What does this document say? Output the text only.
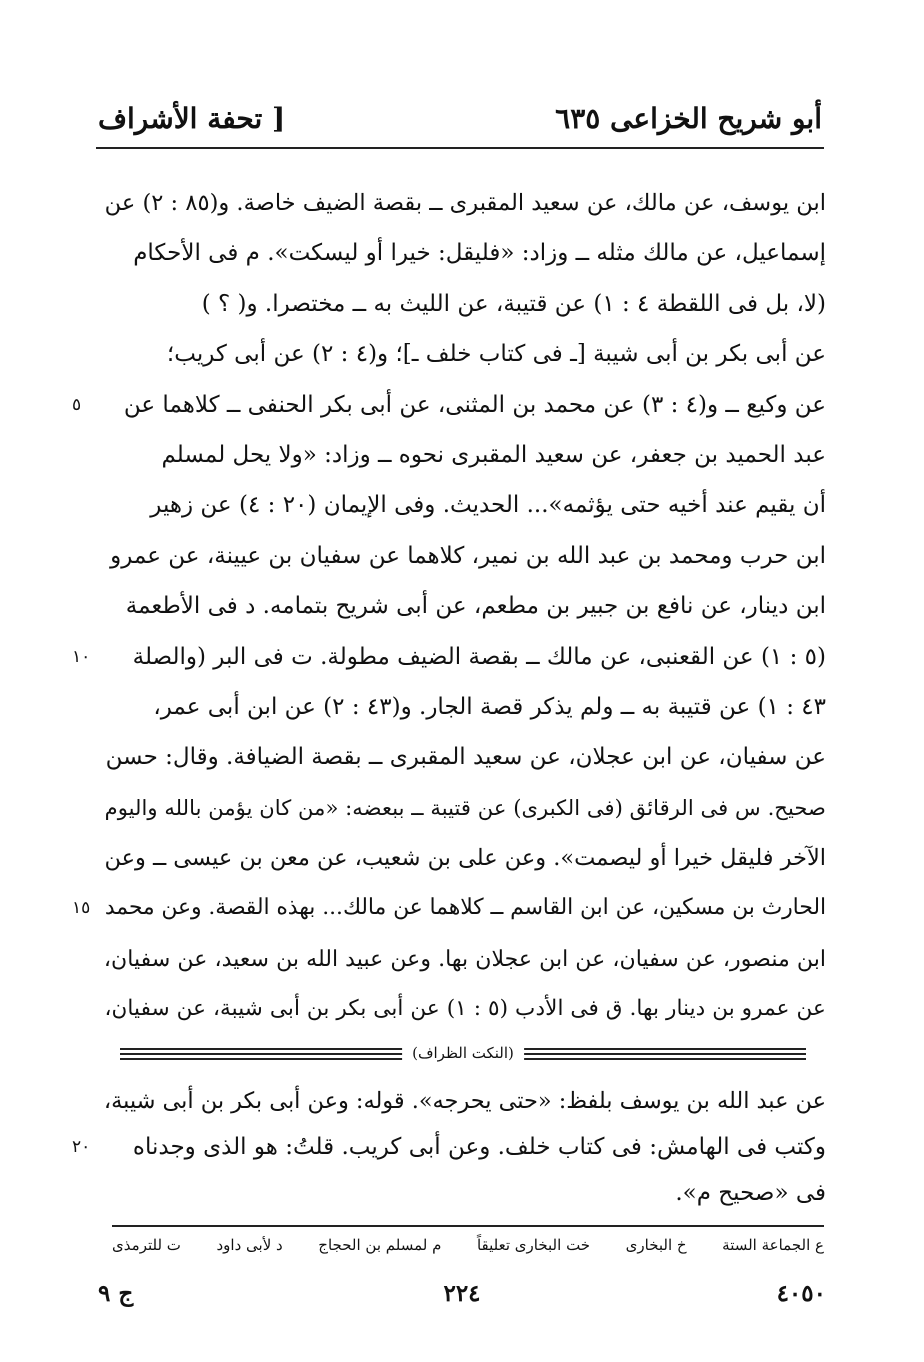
أبو شريح الخزاعى ٦٣٥
[ تحفة الأشراف
ابن يوسف، عن مالك، عن سعيد المقبرى ــ بقصة الضيف خاصة. و(٨٥ : ٢) عن
إسماعيل، عن مالك مثله ــ وزاد: «فليقل: خيرا أو ليسكت». م فى الأحكام
(لا، بل فى اللقطة ٤ : ١) عن قتيبة، عن الليث به ــ مختصرا. و( ؟ )
عن أبى بكر بن أبى شيبة [ـ فى كتاب خلف ـ]؛ و(٤ : ٢) عن أبى كريب؛
عن وكيع ــ و(٤ : ٣) عن محمد بن المثنى، عن أبى بكر الحنفى ــ كلاهما عن
٥
عبد الحميد بن جعفر، عن سعيد المقبرى نحوه ــ وزاد: «ولا يحل لمسلم
أن يقيم عند أخيه حتى يؤثمه»... الحديث. وفى الإيمان (٢٠ : ٤) عن زهير
ابن حرب ومحمد بن عبد الله بن نمير، كلاهما عن سفيان بن عيينة، عن عمرو
ابن دينار، عن نافع بن جبير بن مطعم، عن أبى شريح بتمامه. د فى الأطعمة
(٥ : ١) عن القعنبى، عن مالك ــ بقصة الضيف مطولة. ت فى البر (والصلة
١٠
٤٣ : ١) عن قتيبة به ــ ولم يذكر قصة الجار. و(٤٣ : ٢) عن ابن أبى عمر،
عن سفيان، عن ابن عجلان، عن سعيد المقبرى ــ بقصة الضيافة. وقال: حسن
صحيح. س فى الرقائق (فى الكبرى) عن قتيبة ــ ببعضه: «من كان يؤمن بالله واليوم
الآخر فليقل خيرا أو ليصمت». وعن على بن شعيب، عن معن بن عيسى ــ وعن
الحارث بن مسكين، عن ابن القاسم ــ كلاهما عن مالك... بهذه القصة. وعن محمد
١٥
ابن منصور، عن سفيان، عن ابن عجلان بها. وعن عبيد الله بن سعيد، عن سفيان،
عن عمرو بن دينار بها. ق فى الأدب (٥ : ١) عن أبى بكر بن أبى شيبة، عن سفيان،
(النكت الظراف)
عن عبد الله بن يوسف بلفظ: «حتى يحرجه». قوله: وعن أبى بكر بن أبى شيبة،
وكتب فى الهامش: فى كتاب خلف. وعن أبى كريب. قلتُ: هو الذى وجدناه
٢٠
فى «صحيح م».
ع الجماعة الستة
خ البخارى
خت البخارى تعليقاً
م لمسلم بن الحجاج
د لأبى داود
ت للترمذى
٤٠٥٠
٢٢٤
ج ٩
